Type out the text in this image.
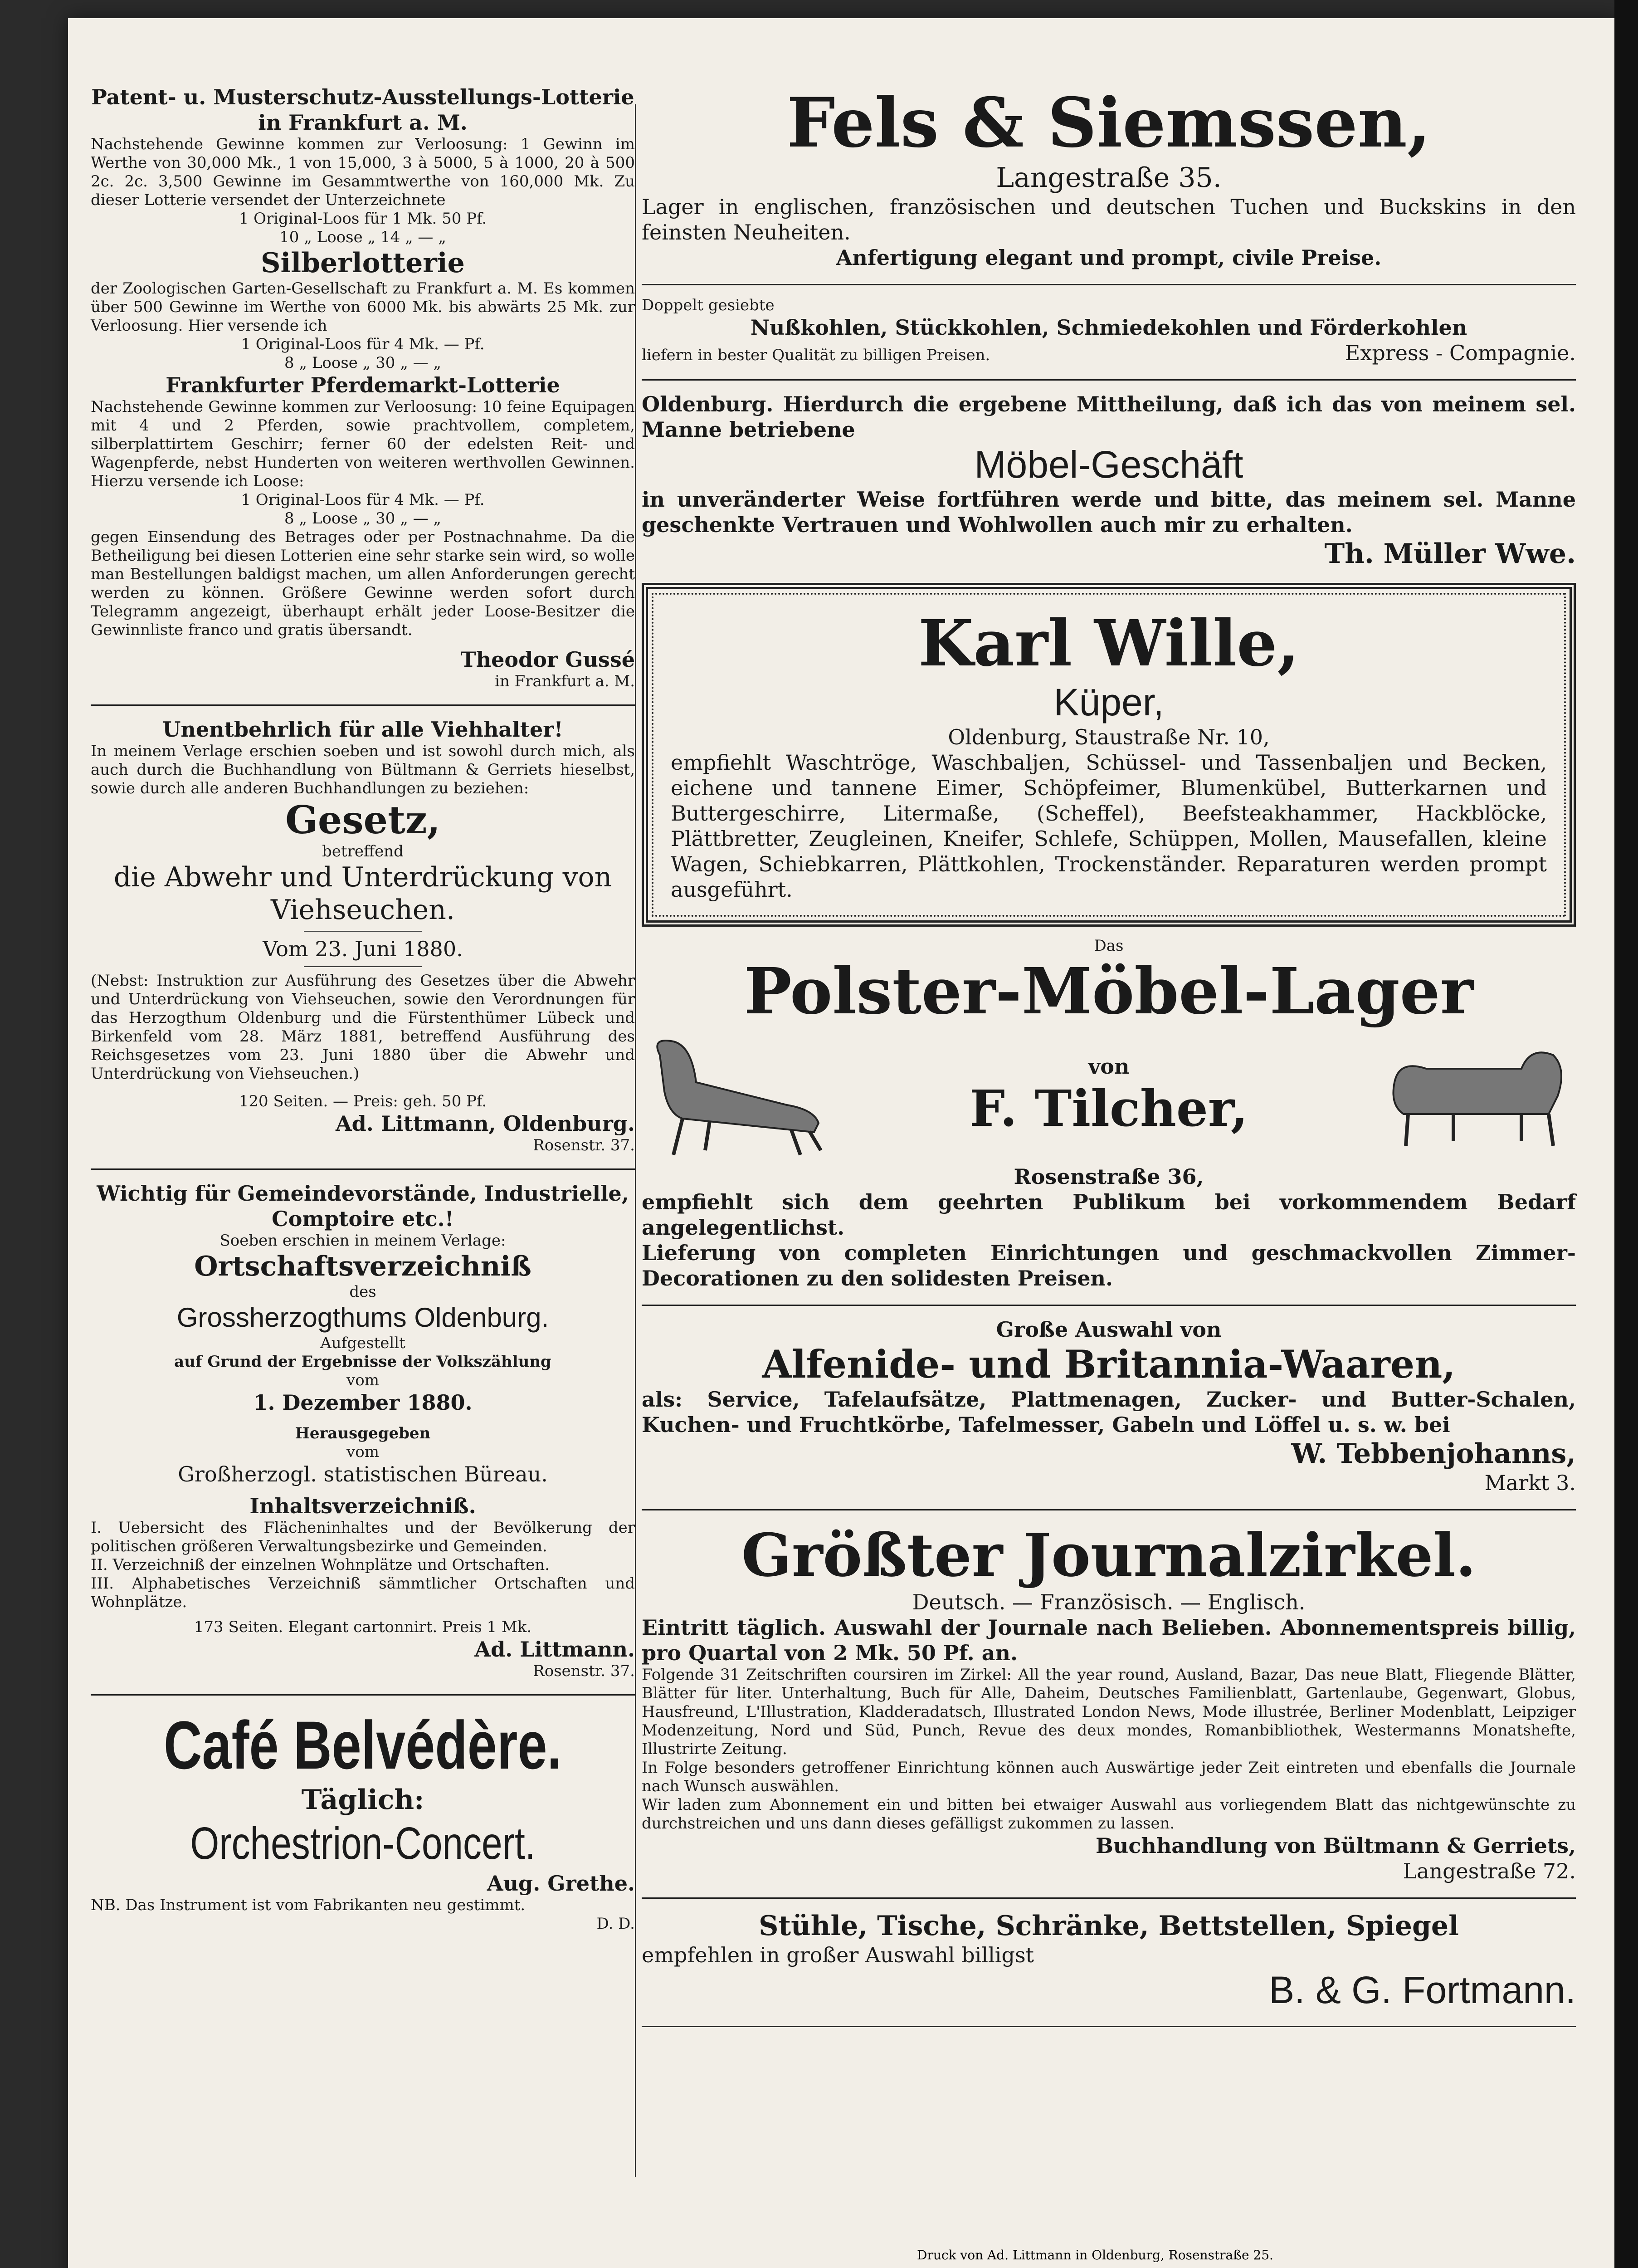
Patent- u. Musterschutz-Ausstellungs-Lotterie
in Frankfurt a. M.
Nachstehende Gewinne kommen zur Verloosung: 1 Gewinn im Werthe von 30,000 Mk., 1 von 15,000, 3 à 5000, 5 à 1000, 20 à 500 2c. 2c. 3,500 Gewinne im Gesammtwerthe von 160,000 Mk. Zu dieser Lotterie versendet der Unterzeichnete
1 Original-Loos für 1 Mk. 50 Pf.
10 „ Loose „ 14 „ — „
Silberlotterie
der Zoologischen Garten-Gesellschaft zu Frankfurt a. M. Es kommen über 500 Gewinne im Werthe von 6000 Mk. bis abwärts 25 Mk. zur Verloosung. Hier versende ich
1 Original-Loos für 4 Mk. — Pf.
8 „ Loose „ 30 „ — „
Frankfurter Pferdemarkt-Lotterie
Nachstehende Gewinne kommen zur Verloosung: 10 feine Equipagen mit 4 und 2 Pferden, sowie prachtvollem, completem, silberplattirtem Geschirr; ferner 60 der edelsten Reit- und Wagenpferde, nebst Hunderten von weiteren werthvollen Gewinnen. Hierzu versende ich Loose:
1 Original-Loos für 4 Mk. — Pf.
8 „ Loose „ 30 „ — „
gegen Einsendung des Betrages oder per Postnachnahme. Da die Betheiligung bei diesen Lotterien eine sehr starke sein wird, so wolle man Bestellungen baldigst machen, um allen Anforderungen gerecht werden zu können. Größere Gewinne werden sofort durch Telegramm angezeigt, überhaupt erhält jeder Loose-Besitzer die Gewinnliste franco und gratis übersandt.
Theodor Gussé
in Frankfurt a. M.
Unentbehrlich für alle Viehhalter!
In meinem Verlage erschien soeben und ist sowohl durch mich, als auch durch die Buchhandlung von Bültmann & Gerriets hieselbst, sowie durch alle anderen Buchhandlungen zu beziehen:
Gesetz,
betreffend
die Abwehr und Unterdrückung von Viehseuchen.
Vom 23. Juni 1880.
(Nebst: Instruktion zur Ausführung des Gesetzes über die Abwehr und Unterdrückung von Viehseuchen, sowie den Verordnungen für das Herzogthum Oldenburg und die Fürstenthümer Lübeck und Birkenfeld vom 28. März 1881, betreffend Ausführung des Reichsgesetzes vom 23. Juni 1880 über die Abwehr und Unterdrückung von Viehseuchen.)
120 Seiten. — Preis: geh. 50 Pf.
Ad. Littmann, Oldenburg.
Rosenstr. 37.
Wichtig für Gemeindevorstände, Industrielle, Comptoire etc.!
Soeben erschien in meinem Verlage:
Ortschaftsverzeichniß
des
Grossherzogthums Oldenburg.
Aufgestellt
auf Grund der Ergebnisse der Volkszählung
vom
1. Dezember 1880.
Herausgegeben
vom
Großherzogl. statistischen Büreau.
Inhaltsverzeichniß.
I. Uebersicht des Flächeninhaltes und der Bevölkerung der politischen größeren Verwaltungsbezirke und Gemeinden.
II. Verzeichniß der einzelnen Wohnplätze und Ortschaften.
III. Alphabetisches Verzeichniß sämmtlicher Ortschaften und Wohnplätze.
173 Seiten. Elegant cartonnirt. Preis 1 Mk.
Ad. Littmann.
Rosenstr. 37.
Café Belvédère.
Täglich:
Orchestrion-Concert.
Aug. Grethe.
NB. Das Instrument ist vom Fabrikanten neu gestimmt.
D. D.
Fels & Siemssen,
Langestraße 35.
Lager in englischen, französischen und deutschen Tuchen und Buckskins in den feinsten Neuheiten.
Anfertigung elegant und prompt, civile Preise.
Doppelt gesiebte
Nußkohlen, Stückkohlen, Schmiedekohlen und Förderkohlen
liefern in bester Qualität zu billigen Preisen.	Express - Compagnie.
Oldenburg. Hierdurch die ergebene Mittheilung, daß ich das von meinem sel. Manne betriebene
Möbel-Geschäft
in unveränderter Weise fortführen werde und bitte, das meinem sel. Manne geschenkte Vertrauen und Wohlwollen auch mir zu erhalten.
Th. Müller Wwe.
Karl Wille,
Küper,
Oldenburg, Staustraße Nr. 10,
empfiehlt Waschtröge, Waschbaljen, Schüssel- und Tassenbaljen und Becken, eichene und tannene Eimer, Schöpfeimer, Blumenkübel, Butterkarnen und Buttergeschirre, Litermaße, (Scheffel), Beefsteakhammer, Hackblöcke, Plättbretter, Zeugleinen, Kneifer, Schlefe, Schüppen, Mollen, Mausefallen, kleine Wagen, Schiebkarren, Plättkohlen, Trockenständer. Reparaturen werden prompt ausgeführt.
Das
Polster-Möbel-Lager
von
F. Tilcher,
Rosenstraße 36,
empfiehlt sich dem geehrten Publikum bei vorkommendem Bedarf angelegentlichst.
Lieferung von completen Einrichtungen und geschmackvollen Zimmer-Decorationen zu den solidesten Preisen.
Große Auswahl von
Alfenide- und Britannia-Waaren,
als: Service, Tafelaufsätze, Plattmenagen, Zucker- und Butter-Schalen, Kuchen- und Fruchtkörbe, Tafelmesser, Gabeln und Löffel u. s. w. bei
W. Tebbenjohanns,
Markt 3.
Größter Journalzirkel.
Deutsch. — Französisch. — Englisch.
Eintritt täglich. Auswahl der Journale nach Belieben. Abonnementspreis billig, pro Quartal von 2 Mk. 50 Pf. an.
Folgende 31 Zeitschriften coursiren im Zirkel: All the year round, Ausland, Bazar, Das neue Blatt, Fliegende Blätter, Blätter für liter. Unterhaltung, Buch für Alle, Daheim, Deutsches Familienblatt, Gartenlaube, Gegenwart, Globus, Hausfreund, L'Illustration, Kladderadatsch, Illustrated London News, Mode illustrée, Berliner Modenblatt, Leipziger Modenzeitung, Nord und Süd, Punch, Revue des deux mondes, Romanbibliothek, Westermanns Monatshefte, Illustrirte Zeitung.
In Folge besonders getroffener Einrichtung können auch Auswärtige jeder Zeit eintreten und ebenfalls die Journale nach Wunsch auswählen.
Wir laden zum Abonnement ein und bitten bei etwaiger Auswahl aus vorliegendem Blatt das nichtgewünschte zu durchstreichen und uns dann dieses gefälligst zukommen zu lassen.
Buchhandlung von Bültmann & Gerriets,
Langestraße 72.
Stühle, Tische, Schränke, Bettstellen, Spiegel
empfehlen in großer Auswahl billigst
B. & G. Fortmann.
Druck von Ad. Littmann in Oldenburg, Rosenstraße 25.
